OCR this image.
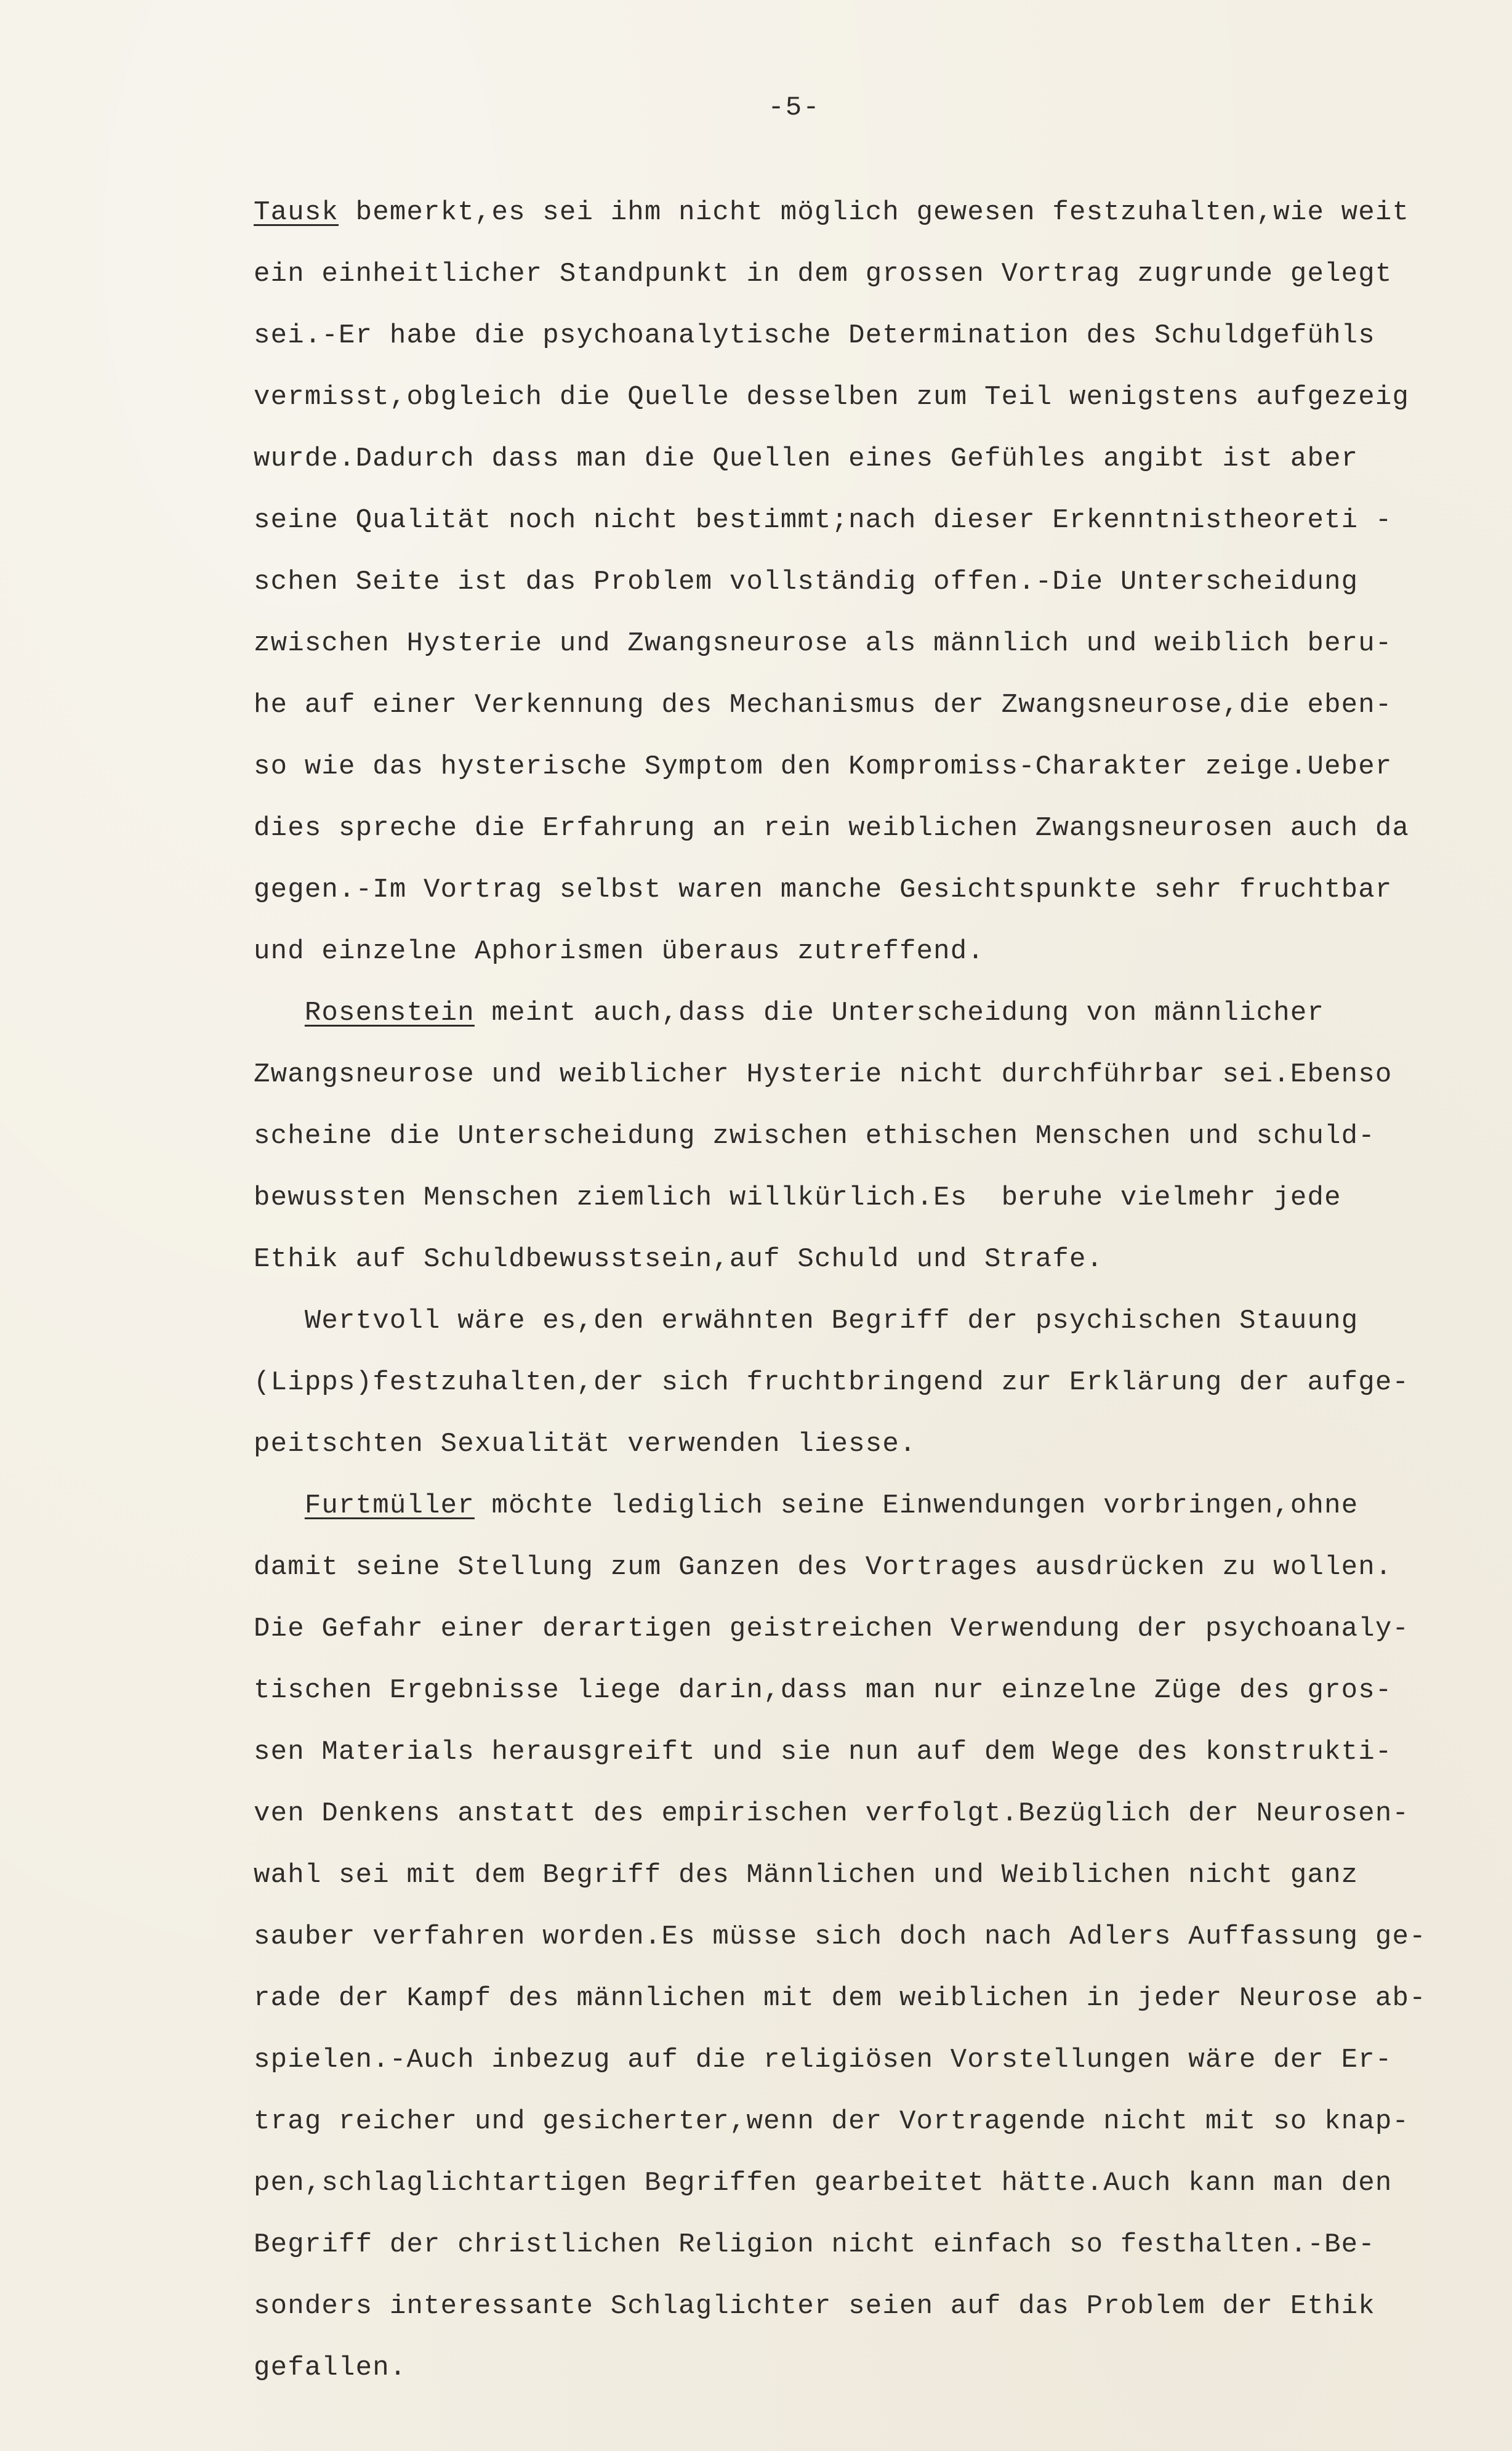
-5-
Tausk bemerkt,es sei ihm nicht möglich gewesen festzuhalten,wie weit
ein einheitlicher Standpunkt in dem grossen Vortrag zugrunde gelegt
sei.-Er habe die psychoanalytische Determination des Schuldgefühls
vermisst,obgleich die Quelle desselben zum Teil wenigstens aufgezeig
wurde.Dadurch dass man die Quellen eines Gefühles angibt ist aber
seine Qualität noch nicht bestimmt;nach dieser Erkenntnistheoreti -
schen Seite ist das Problem vollständig offen.-Die Unterscheidung
zwischen Hysterie und Zwangsneurose als männlich und weiblich beru-
he auf einer Verkennung des Mechanismus der Zwangsneurose,die eben-
so wie das hysterische Symptom den Kompromiss-Charakter zeige.Ueber
dies spreche die Erfahrung an rein weiblichen Zwangsneurosen auch da
gegen.-Im Vortrag selbst waren manche Gesichtspunkte sehr fruchtbar
und einzelne Aphorismen überaus zutreffend.
Rosenstein meint auch,dass die Unterscheidung von männlicher
Zwangsneurose und weiblicher Hysterie nicht durchführbar sei.Ebenso
scheine die Unterscheidung zwischen ethischen Menschen und schuld-
bewussten Menschen ziemlich willkürlich.Es  beruhe vielmehr jede
Ethik auf Schuldbewusstsein,auf Schuld und Strafe.
Wertvoll wäre es,den erwähnten Begriff der psychischen Stauung
(Lipps)festzuhalten,der sich fruchtbringend zur Erklärung der aufge-
peitschten Sexualität verwenden liesse.
Furtmüller möchte lediglich seine Einwendungen vorbringen,ohne
damit seine Stellung zum Ganzen des Vortrages ausdrücken zu wollen.
Die Gefahr einer derartigen geistreichen Verwendung der psychoanaly-
tischen Ergebnisse liege darin,dass man nur einzelne Züge des gros-
sen Materials herausgreift und sie nun auf dem Wege des konstrukti-
ven Denkens anstatt des empirischen verfolgt.Bezüglich der Neurosen-
wahl sei mit dem Begriff des Männlichen und Weiblichen nicht ganz
sauber verfahren worden.Es müsse sich doch nach Adlers Auffassung ge-
rade der Kampf des männlichen mit dem weiblichen in jeder Neurose ab-
spielen.-Auch inbezug auf die religiösen Vorstellungen wäre der Er-
trag reicher und gesicherter,wenn der Vortragende nicht mit so knap-
pen,schlaglichtartigen Begriffen gearbeitet hätte.Auch kann man den
Begriff der christlichen Religion nicht einfach so festhalten.-Be-
sonders interessante Schlaglichter seien auf das Problem der Ethik
gefallen.
